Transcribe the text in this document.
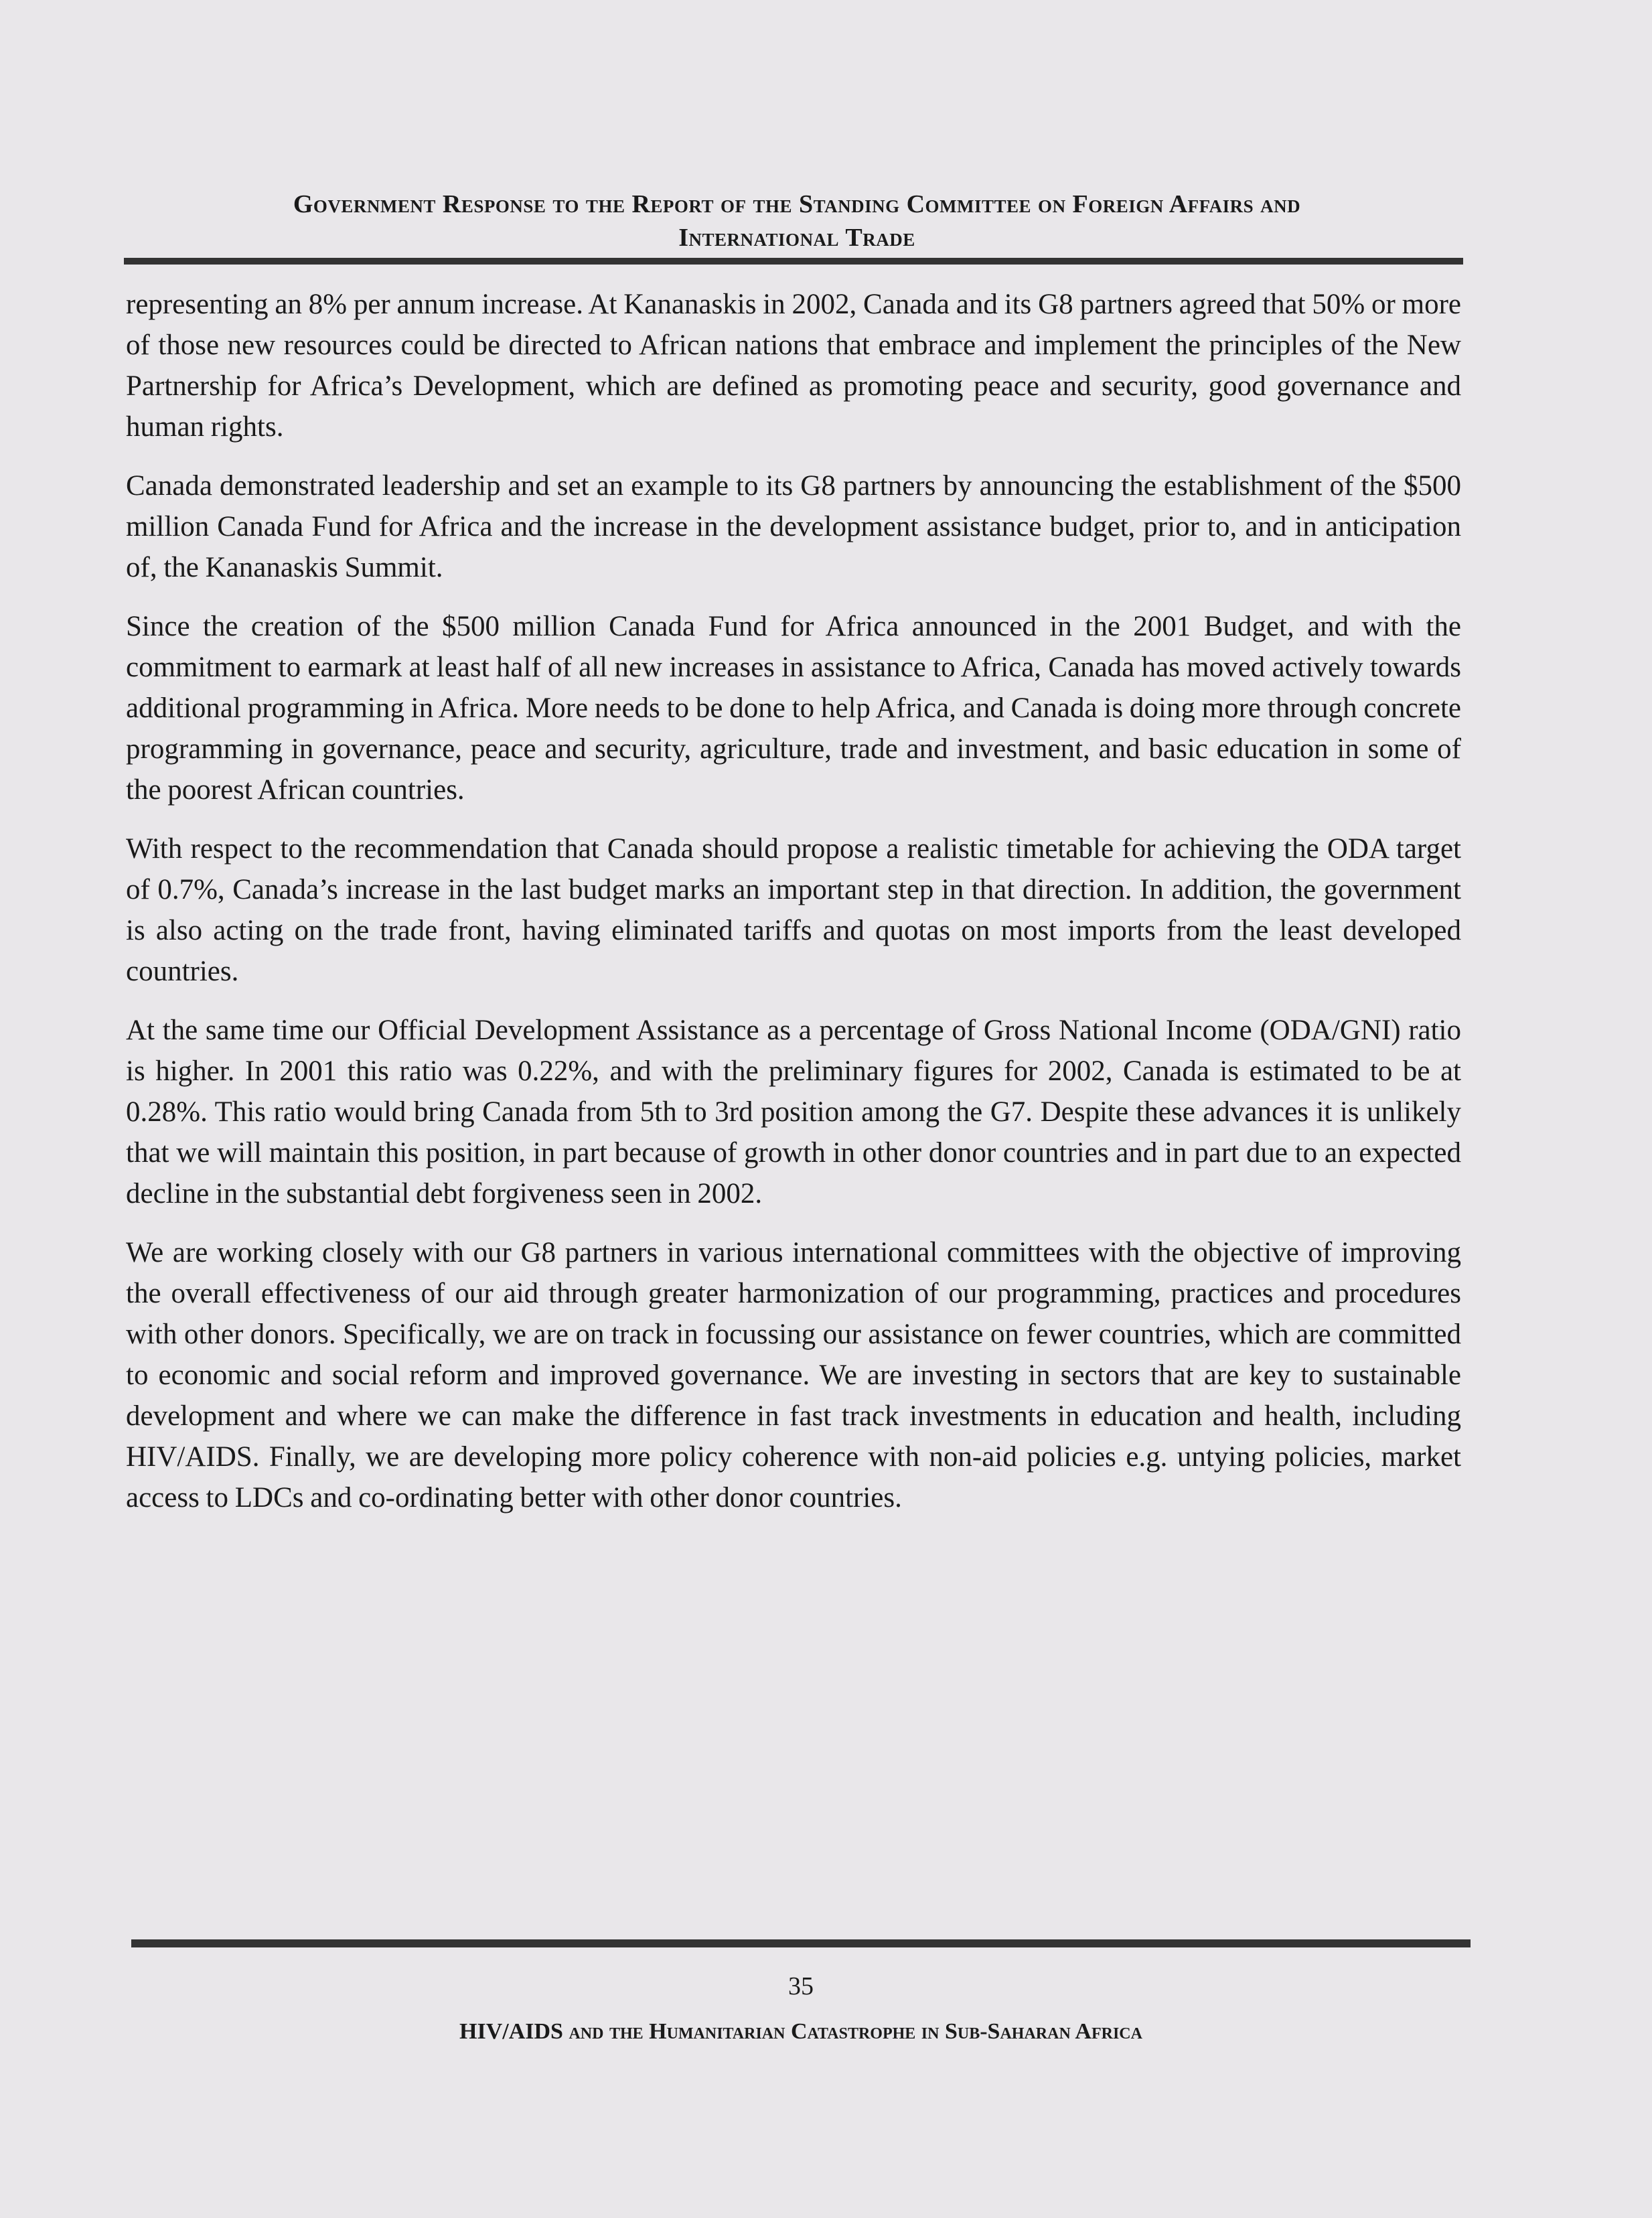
Government Response to the Report of the Standing Committee on Foreign Affairs and
International Trade

representing an 8% per annum increase. At Kananaskis in 2002, Canada and its G8 partners agreed that 50% or more of those new resources could be directed to African nations that embrace and implement the principles of the New Partnership for Africa’s Development, which are defined as promoting peace and security, good governance and human rights.

Canada demonstrated leadership and set an example to its G8 partners by announcing the establishment of the $500 million Canada Fund for Africa and the increase in the development assistance budget, prior to, and in anticipation of, the Kananaskis Summit.

Since the creation of the $500 million Canada Fund for Africa announced in the 2001 Budget, and with the commitment to earmark at least half of all new increases in assistance to Africa, Canada has moved actively towards additional programming in Africa. More needs to be done to help Africa, and Canada is doing more through concrete programming in governance, peace and security, agriculture, trade and investment, and basic education in some of the poorest African countries.

With respect to the recommendation that Canada should propose a realistic timetable for achieving the ODA target of 0.7%, Canada’s increase in the last budget marks an important step in that direction. In addition, the government is also acting on the trade front, having eliminated tariffs and quotas on most imports from the least developed countries.

At the same time our Official Development Assistance as a percentage of Gross National Income (ODA/GNI) ratio is higher. In 2001 this ratio was 0.22%, and with the preliminary figures for 2002, Canada is estimated to be at 0.28%. This ratio would bring Canada from 5th to 3rd position among the G7. Despite these advances it is unlikely that we will maintain this position, in part because of growth in other donor countries and in part due to an expected decline in the substantial debt forgiveness seen in 2002.

We are working closely with our G8 partners in various international committees with the objective of improving the overall effectiveness of our aid through greater harmonization of our programming, practices and procedures with other donors. Specifically, we are on track in focussing our assistance on fewer countries, which are committed to economic and social reform and improved governance. We are investing in sectors that are key to sustainable development and where we can make the difference in fast track investments in education and health, including HIV/AIDS. Finally, we are developing more policy coherence with non-aid policies e.g. untying policies, market access to LDCs and co-ordinating better with other donor countries.

35
HIV/AIDS and the Humanitarian Catastrophe in Sub-Saharan Africa
